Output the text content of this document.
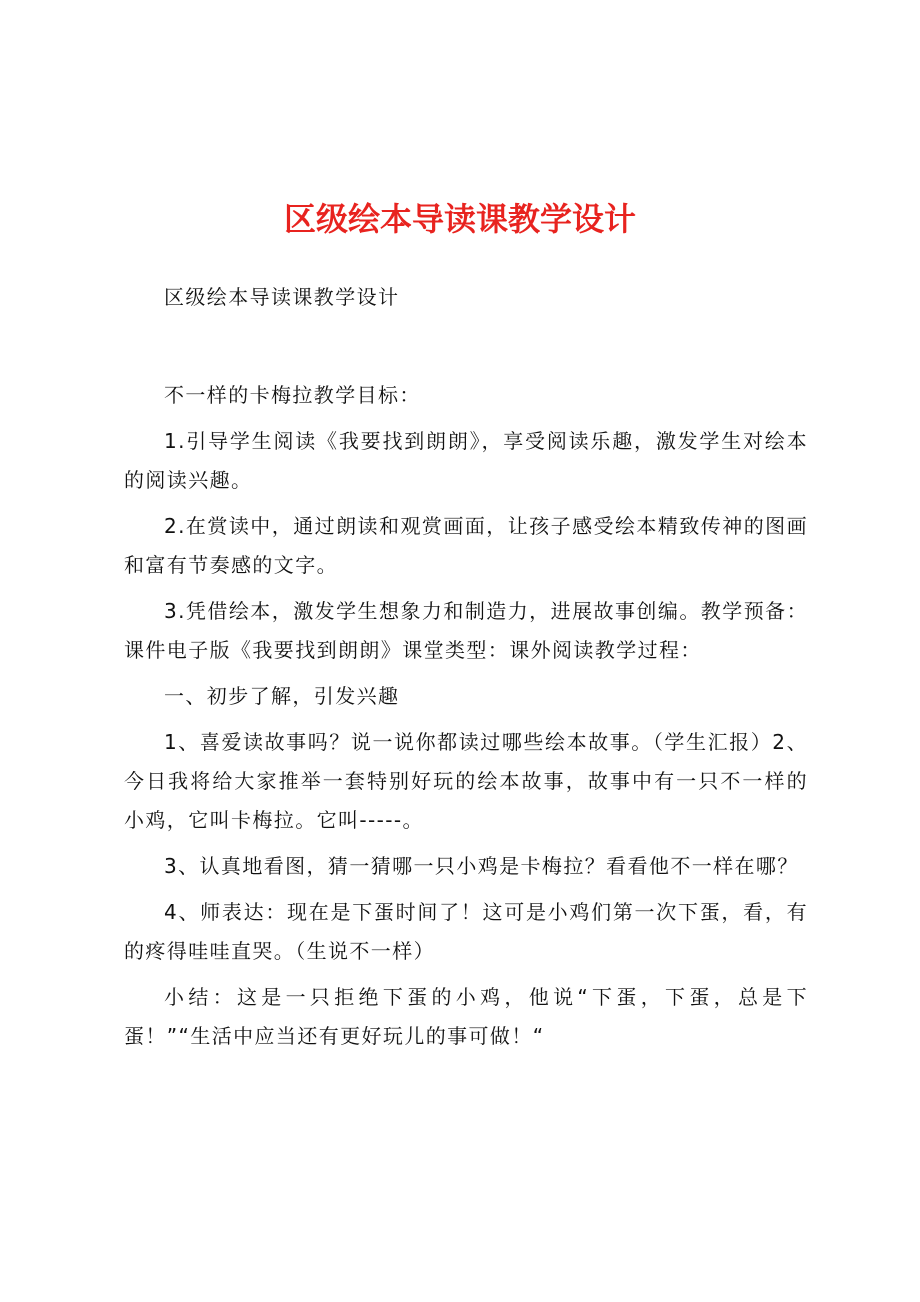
区级绘本导读课教学设计

区级绘本导读课教学设计

不一样的卡梅拉教学目标：

1.引导学生阅读《我要找到朗朗》，享受阅读乐趣，激发学生对绘本的阅读兴趣。

2.在赏读中，通过朗读和观赏画面，让孩子感受绘本精致传神的图画和富有节奏感的文字。

3.凭借绘本，激发学生想象力和制造力，进展故事创编。教学预备：课件电子版《我要找到朗朗》课堂类型：课外阅读教学过程：

一、初步了解，引发兴趣

1、喜爱读故事吗？说一说你都读过哪些绘本故事。（学生汇报）2、今日我将给大家推举一套特别好玩的绘本故事，故事中有一只不一样的小鸡，它叫卡梅拉。它叫-----。

3、认真地看图，猜一猜哪一只小鸡是卡梅拉？看看他不一样在哪？

4、师表达：现在是下蛋时间了！这可是小鸡们第一次下蛋，看，有的疼得哇哇直哭。（生说不一样）

小结：这是一只拒绝下蛋的小鸡，他说“下蛋，下蛋，总是下蛋！”“生活中应当还有更好玩儿的事可做！“
